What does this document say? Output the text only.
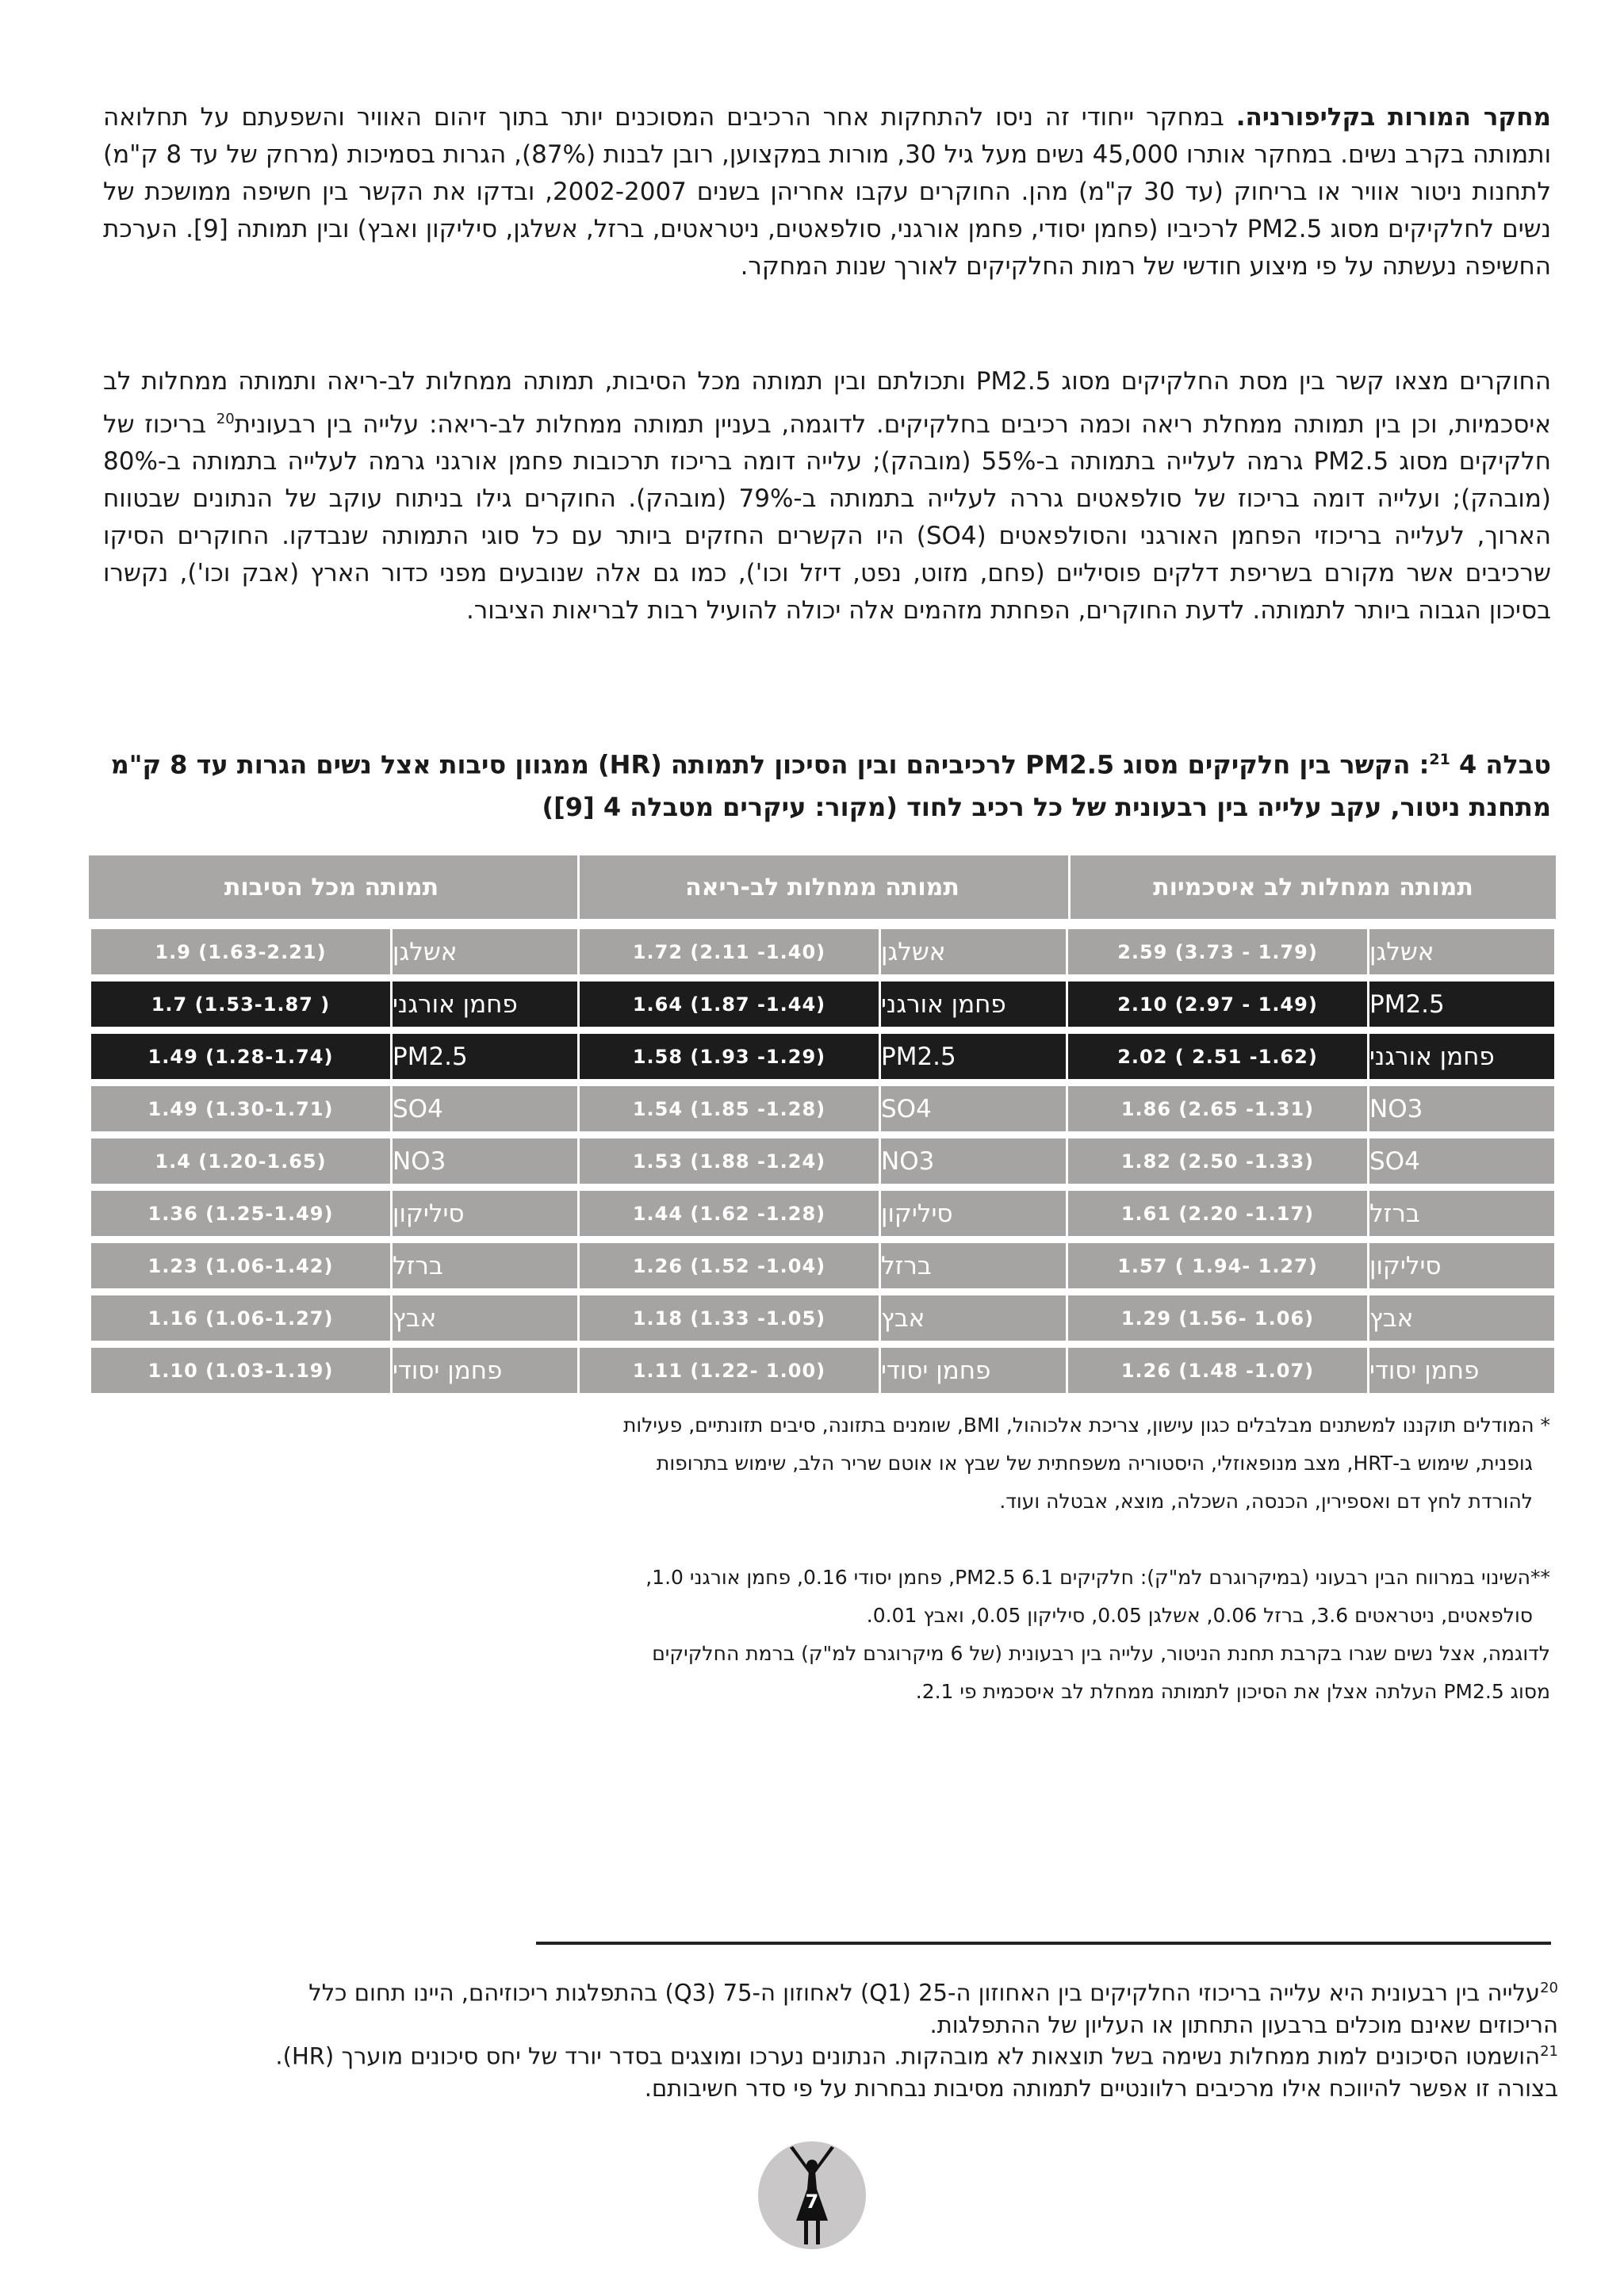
מחקר המורות בקליפורניה. במחקר ייחודי זה ניסו להתחקות אחר הרכיבים המסוכנים יותר בתוך זיהום האוויר והשפעתם על תחלואה ותמותה בקרב נשים. במחקר אותרו 45,000 נשים מעל גיל 30, מורות במקצוען, רובן לבנות (87%), הגרות בסמיכות (מרחק של עד 8 ק"מ) לתחנות ניטור אוויר או בריחוק (עד 30 ק"מ) מהן. החוקרים עקבו אחריהן בשנים 2002-2007, ובדקו את הקשר בין חשיפה ממושכת של נשים לחלקיקים מסוג PM2.5 לרכיביו (פחמן יסודי, פחמן אורגני, סולפאטים, ניטראטים, ברזל, אשלגן, סיליקון ואבץ) ובין תמותה [9]. הערכת החשיפה נעשתה על פי מיצוע חודשי של רמות החלקיקים לאורך שנות המחקר.

החוקרים מצאו קשר בין מסת החלקיקים מסוג PM2.5 ותכולתם ובין תמותה מכל הסיבות, תמותה ממחלות לב-ריאה ותמותה ממחלות לב איסכמיות, וכן בין תמותה ממחלת ריאה וכמה רכיבים בחלקיקים. לדוגמה, בעניין תמותה ממחלות לב-ריאה: עלייה בין רבעונית$^{20}$ בריכוז של חלקיקים מסוג PM2.5 גרמה לעלייה בתמותה ב-55% (מובהק); עלייה דומה בריכוז תרכובות פחמן אורגני גרמה לעלייה בתמותה ב-80% (מובהק); ועלייה דומה בריכוז של סולפאטים גררה לעלייה בתמותה ב-79% (מובהק). החוקרים גילו בניתוח עוקב של הנתונים שבטווח הארוך, לעלייה בריכוזי הפחמן האורגני והסולפאטים (SO4) היו הקשרים החזקים ביותר עם כל סוגי התמותה שנבדקו. החוקרים הסיקו שרכיבים אשר מקורם בשריפת דלקים פוסיליים (פחם, מזוט, נפט, דיזל וכו'), כמו גם אלה שנובעים מפני כדור הארץ (אבק וכו'), נקשרו בסיכון הגבוה ביותר לתמותה. לדעת החוקרים, הפחתת מזהמים אלה יכולה להועיל רבות לבריאות הציבור.

טבלה 4 $^{21}$: הקשר בין חלקיקים מסוג PM2.5 לרכיביהם ובין הסיכון לתמותה (HR) ממגוון סיבות אצל נשים הגרות עד 8 ק"מ מתחנת ניטור, עקב עלייה בין רבעונית של כל רכיב לחוד (מקור: עיקרים מטבלה 4 [9])

תמותה מכל הסיבות	תמותה ממחלות לב-ריאה	תמותה ממחלות לב איסכמיות
1.9 (1.63-2.21)	אשלגן	1.72 (2.11 -1.40)	אשלגן	2.59 (3.73 - 1.79)	אשלגן
1.7 (1.53-1.87 )	פחמן אורגני	1.64 (1.87 -1.44)	פחמן אורגני	2.10 (2.97 - 1.49)	PM2.5
1.49 (1.28-1.74)	PM2.5	1.58 (1.93 -1.29)	PM2.5	2.02 ( 2.51 -1.62)	פחמן אורגני
1.49 (1.30-1.71)	SO4	1.54 (1.85 -1.28)	SO4	1.86 (2.65 -1.31)	NO3
1.4 (1.20-1.65)	NO3	1.53 (1.88 -1.24)	NO3	1.82 (2.50 -1.33)	SO4
1.36 (1.25-1.49)	סיליקון	1.44 (1.62 -1.28)	סיליקון	1.61 (2.20 -1.17)	ברזל
1.23 (1.06-1.42)	ברזל	1.26 (1.52 -1.04)	ברזל	1.57 ( 1.94- 1.27)	סיליקון
1.16 (1.06-1.27)	אבץ	1.18 (1.33 -1.05)	אבץ	1.29 (1.56- 1.06)	אבץ
1.10 (1.03-1.19)	פחמן יסודי	1.11 (1.22- 1.00)	פחמן יסודי	1.26 (1.48 -1.07)	פחמן יסודי
* המודלים תוקננו למשתנים מבלבלים כגון עישון, צריכת אלכוהול, BMI, שומנים בתזונה, סיבים תזונתיים, פעילות
גופנית, שימוש ב-HRT, מצב מנופאוזלי, היסטוריה משפחתית של שבץ או אוטם שריר הלב, שימוש בתרופות
להורדת לחץ דם ואספירין, הכנסה, השכלה, מוצא, אבטלה ועוד.
**השינוי במרווח הבין רבעוני (במיקרוגרם למ"ק): חלקיקים PM2.5 6.1, פחמן יסודי 0.16, פחמן אורגני 1.0,
סולפאטים, ניטראטים 3.6, ברזל 0.06, אשלגן 0.05, סיליקון 0.05, ואבץ 0.01.
לדוגמה, אצל נשים שגרו בקרבת תחנת הניטור, עלייה בין רבעונית (של 6 מיקרוגרם למ"ק) ברמת החלקיקים
מסוג PM2.5 העלתה אצלן את הסיכון לתמותה ממחלת לב איסכמית פי 2.1.

$^{20}$עלייה בין רבעונית היא עלייה בריכוזי החלקיקים בין האחוזון ה-25 (Q1) לאחוזון ה-75 (Q3) בהתפלגות ריכוזיהם, היינו תחום כלל הריכוזים שאינם מוכלים ברבעון התחתון או העליון של ההתפלגות.

$^{21}$הושמטו הסיכונים למות ממחלות נשימה בשל תוצאות לא מובהקות. הנתונים נערכו ומוצגים בסדר יורד של יחס סיכונים מוערך (HR). בצורה זו אפשר להיווכח אילו מרכיבים רלוונטיים לתמותה מסיבות נבחרות על פי סדר חשיבותם.

7
